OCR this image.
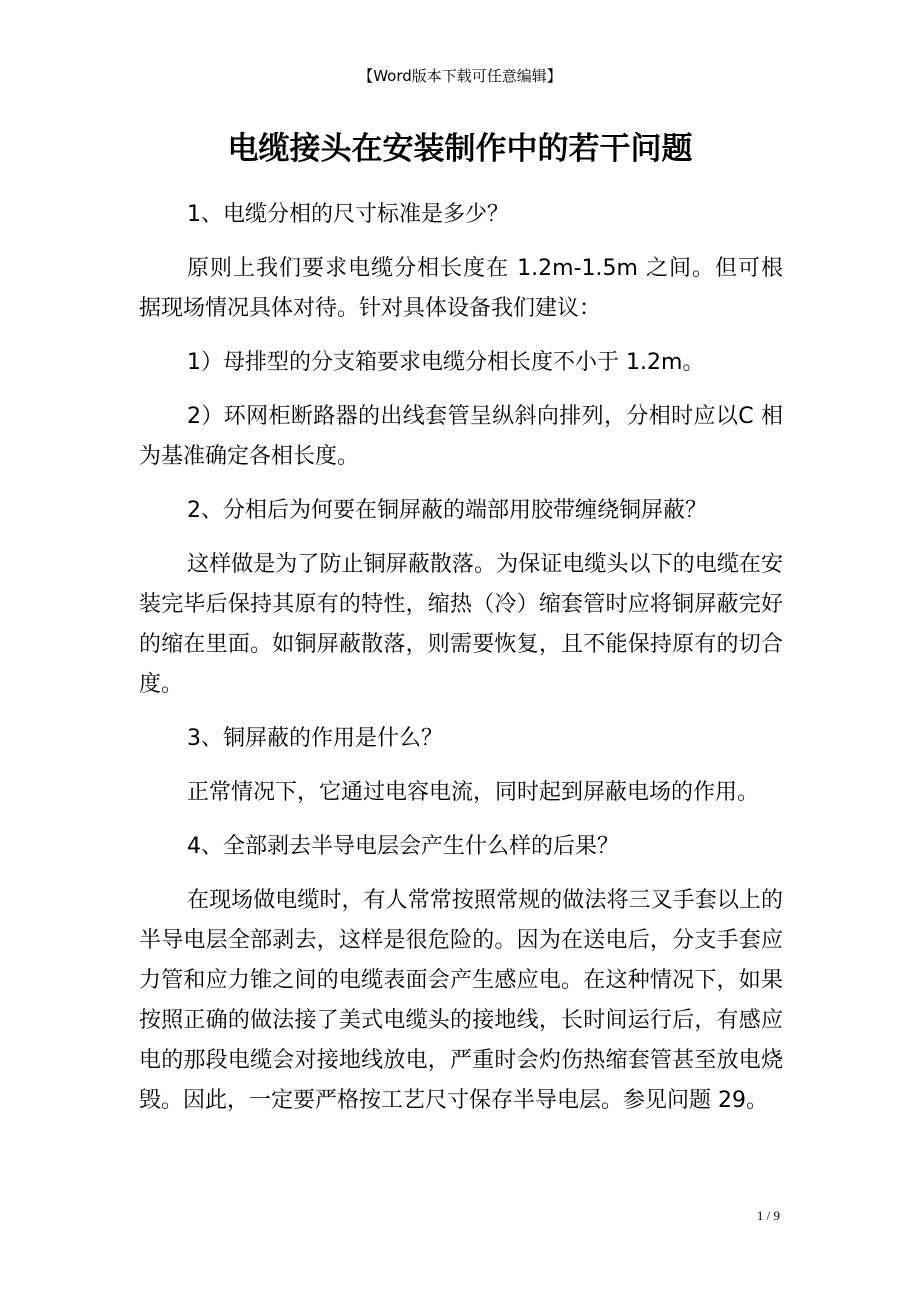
【Word版本下载可任意编辑】
电缆接头在安装制作中的若干问题

1、电缆分相的尺寸标准是多少？

原则上我们要求电缆分相长度在 1.2m-1.5m 之间。但可根据现场情况具体对待。针对具体设备我们建议：

1）母排型的分支箱要求电缆分相长度不小于 1.2m。

2）环网柜断路器的出线套管呈纵斜向排列，分相时应以C 相为基准确定各相长度。

2、分相后为何要在铜屏蔽的端部用胶带缠绕铜屏蔽？

这样做是为了防止铜屏蔽散落。为保证电缆头以下的电缆在安装完毕后保持其原有的特性，缩热（冷）缩套管时应将铜屏蔽完好的缩在里面。如铜屏蔽散落，则需要恢复，且不能保持原有的切合度。

3、铜屏蔽的作用是什么？

正常情况下，它通过电容电流，同时起到屏蔽电场的作用。

4、全部剥去半导电层会产生什么样的后果？

在现场做电缆时，有人常常按照常规的做法将三叉手套以上的半导电层全部剥去，这样是很危险的。因为在送电后，分支手套应力管和应力锥之间的电缆表面会产生感应电。在这种情况下，如果按照正确的做法接了美式电缆头的接地线，长时间运行后，有感应电的那段电缆会对接地线放电，严重时会灼伤热缩套管甚至放电烧毁。因此，一定要严格按工艺尺寸保存半导电层。参见问题 29。

1 / 9
